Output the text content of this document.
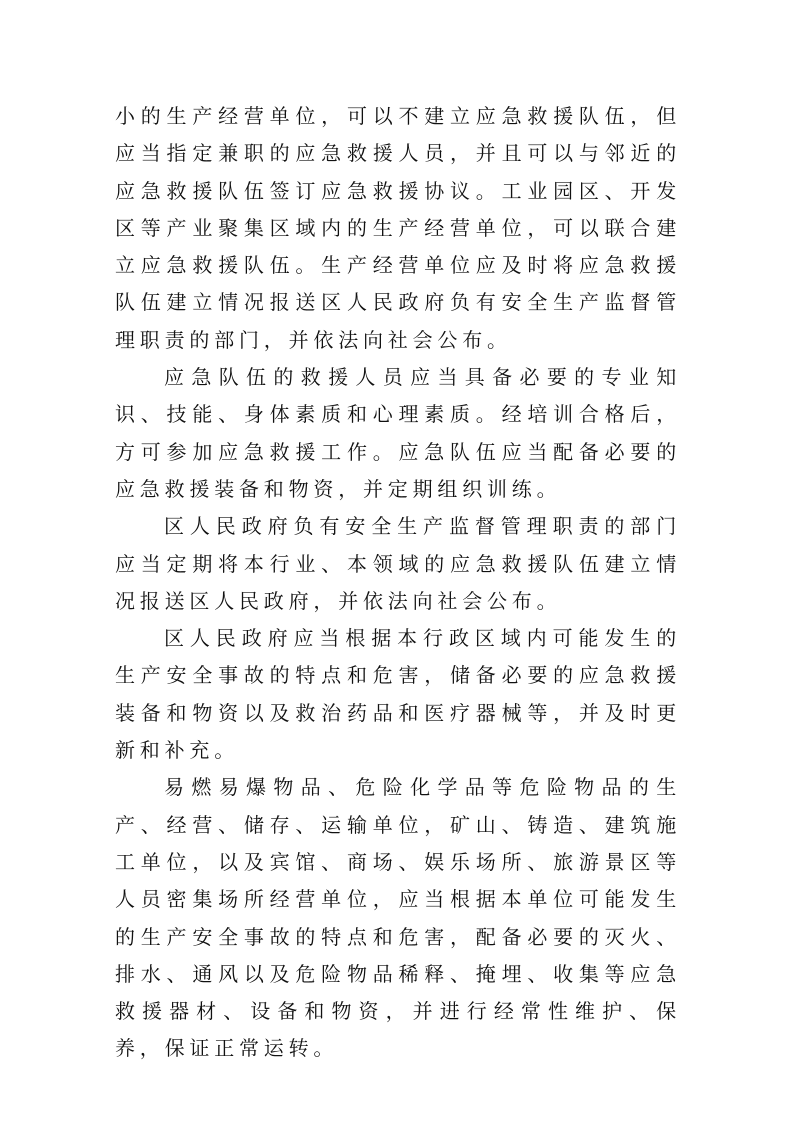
小的生产经营单位，可以不建立应急救援队伍，但应当指定兼职的应急救援人员，并且可以与邻近的应急救援队伍签订应急救援协议。工业园区、开发区等产业聚集区域内的生产经营单位，可以联合建立应急救援队伍。生产经营单位应及时将应急救援队伍建立情况报送区人民政府负有安全生产监督管理职责的部门，并依法向社会公布。

应急队伍的救援人员应当具备必要的专业知识、技能、身体素质和心理素质。经培训合格后，方可参加应急救援工作。应急队伍应当配备必要的应急救援装备和物资，并定期组织训练。

区人民政府负有安全生产监督管理职责的部门应当定期将本行业、本领域的应急救援队伍建立情况报送区人民政府，并依法向社会公布。

区人民政府应当根据本行政区域内可能发生的生产安全事故的特点和危害，储备必要的应急救援装备和物资以及救治药品和医疗器械等，并及时更新和补充。

易燃易爆物品、危险化学品等危险物品的生产、经营、储存、运输单位，矿山、铸造、建筑施工单位，以及宾馆、商场、娱乐场所、旅游景区等人员密集场所经营单位，应当根据本单位可能发生的生产安全事故的特点和危害，配备必要的灭火、排水、通风以及危险物品稀释、掩埋、收集等应急救援器材、设备和物资，并进行经常性维护、保养，保证正常运转。
